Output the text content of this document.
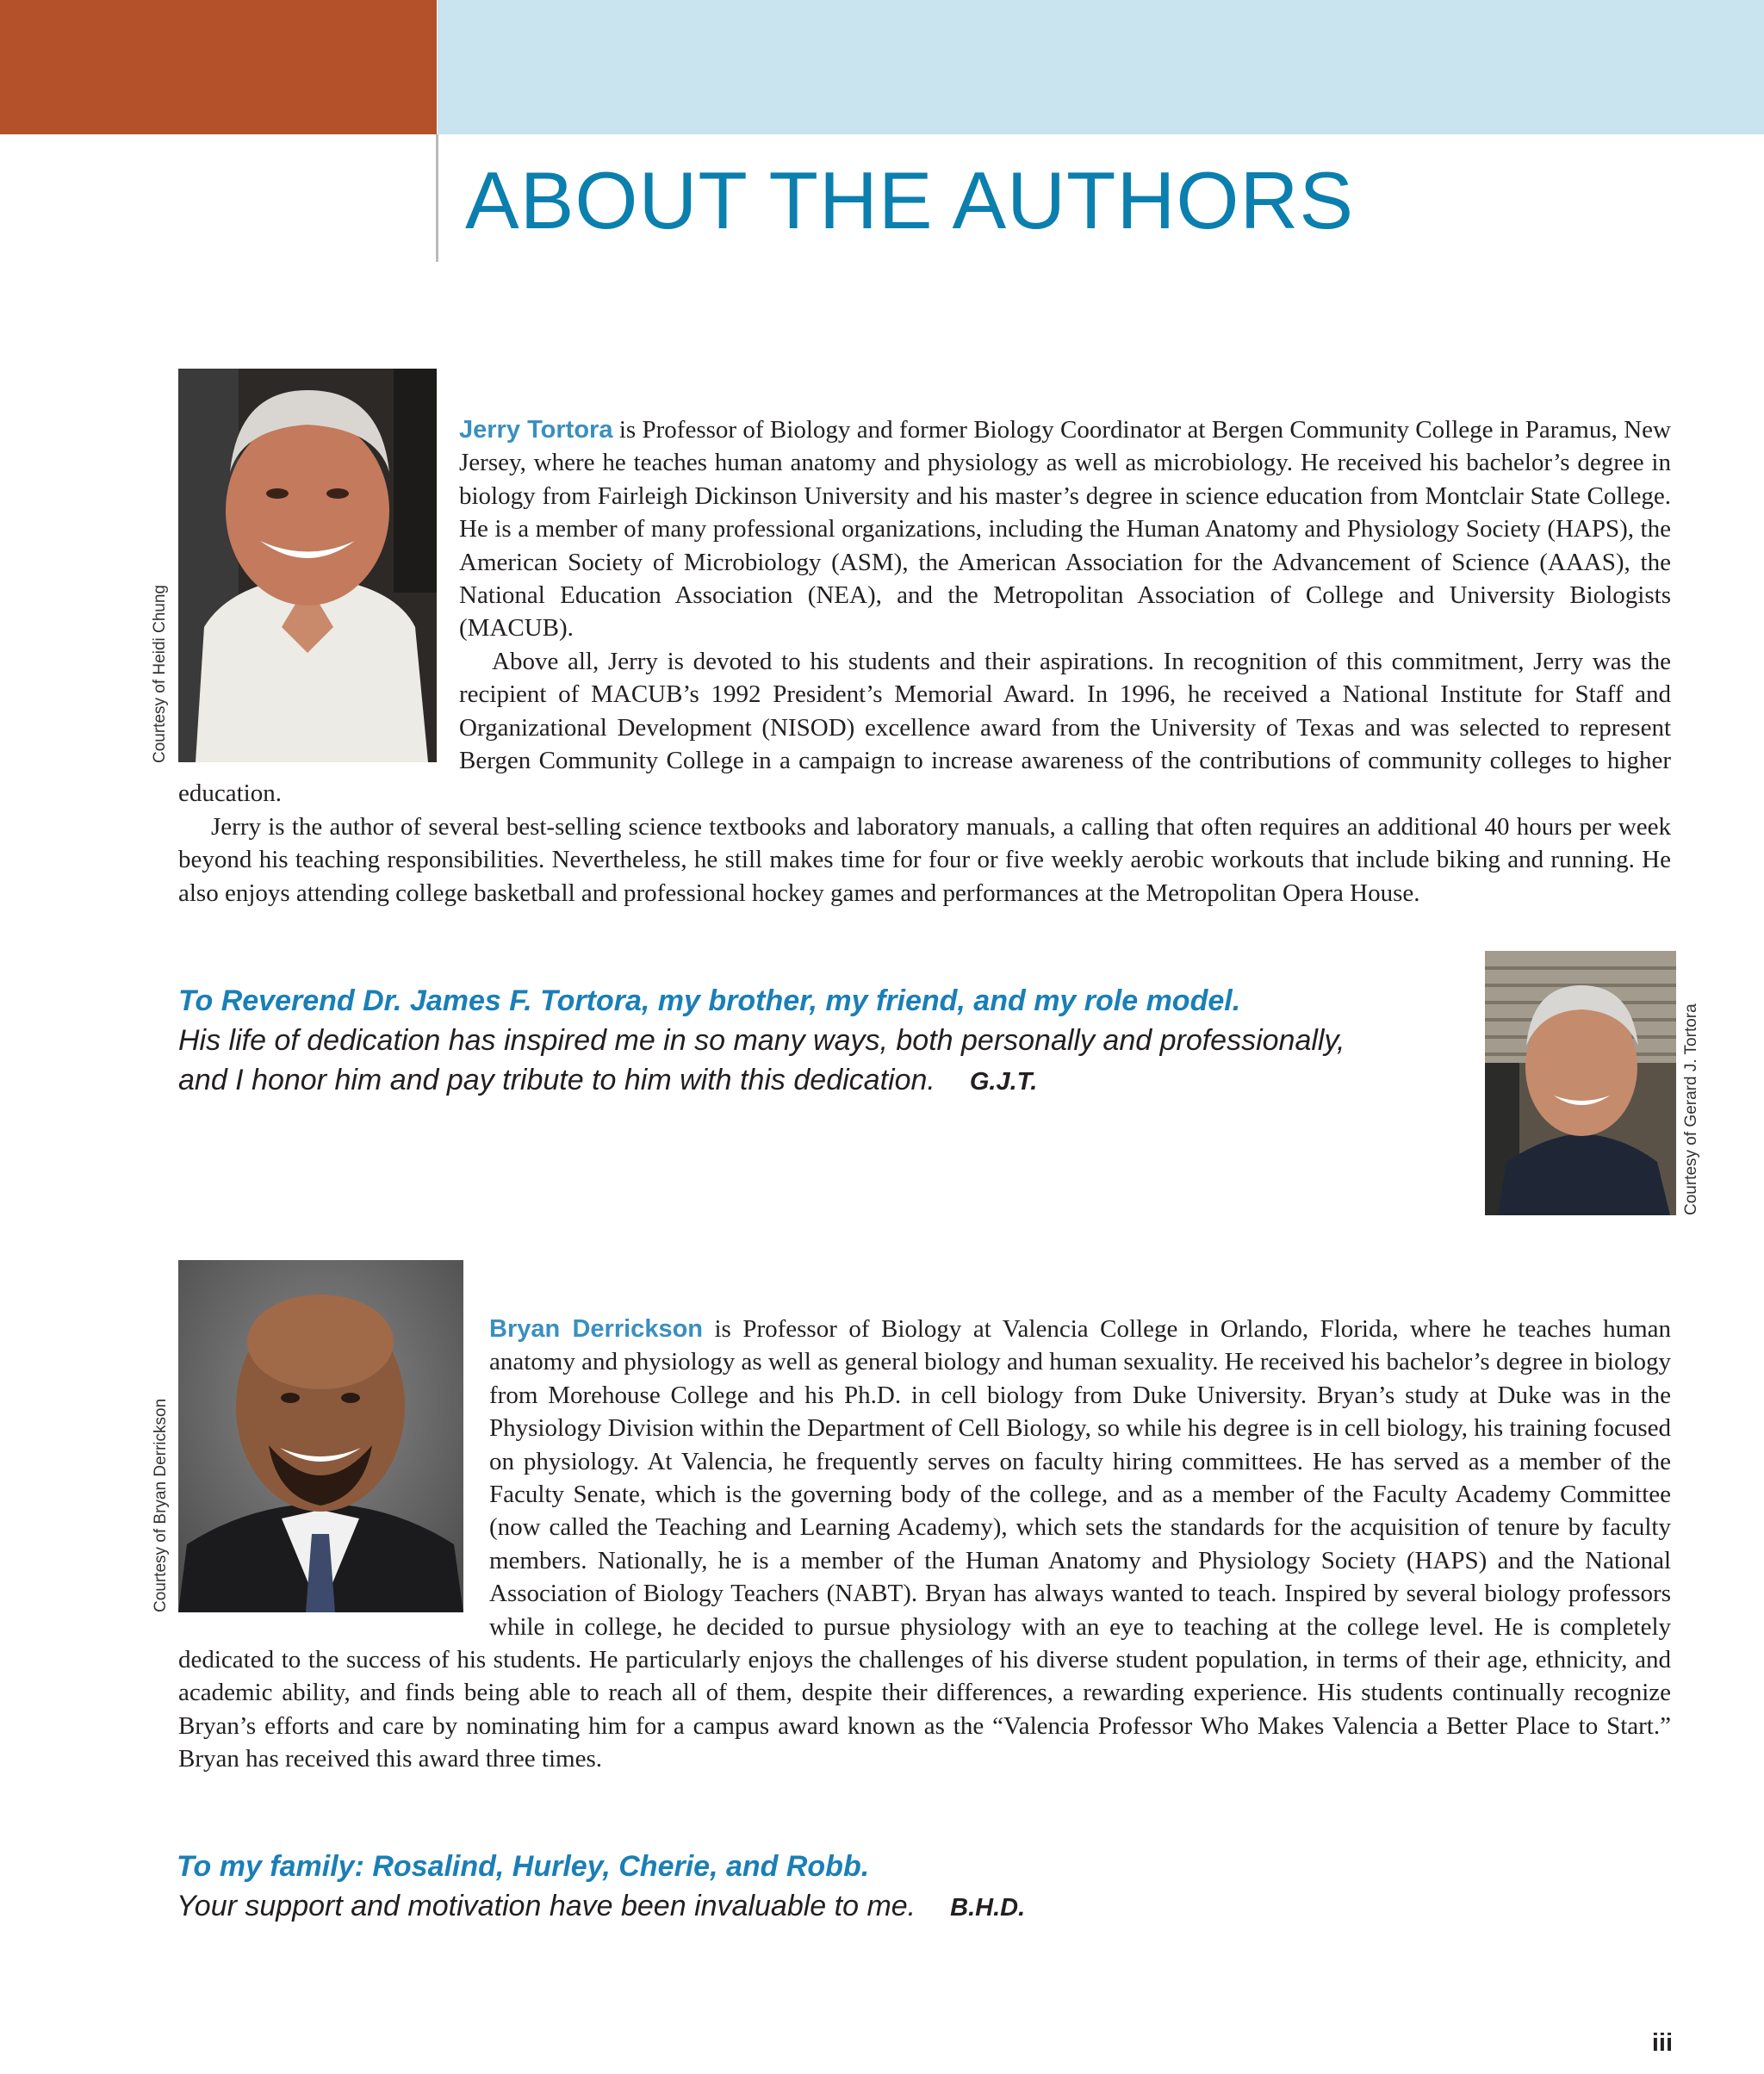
ABOUT THE AUTHORS
Courtesy of Heidi Chung

Jerry Tortora is Professor of Biology and former Biology Coordinator at Bergen Community College in Paramus, New Jersey, where he teaches human anatomy and physiology as well as microbiology. He received his bachelor’s degree in biology from Fairleigh Dickinson University and his master’s degree in science education from Montclair State College. He is a member of many professional organizations, including the Human Anatomy and Physiology Society (HAPS), the American Society of Microbiology (ASM), the American Association for the Advancement of Science (AAAS), the National Education Association (NEA), and the Metropolitan Association of College and University Biologists (MACUB).

Above all, Jerry is devoted to his students and their aspirations. In recognition of this commitment, Jerry was the recipient of MACUB’s 1992 President’s Memorial Award. In 1996, he received a National Institute for Staff and Organizational Development (NISOD) excellence award from the University of Texas and was selected to represent Bergen Community College in a campaign to increase awareness of the contributions of community colleges to higher education.

Jerry is the author of several best-selling science textbooks and laboratory manuals, a calling that often requires an additional 40 hours per week beyond his teaching responsibilities. Nevertheless, he still makes time for four or five weekly aerobic workouts that include biking and running. He also enjoys attending college basketball and professional hockey games and performances at the Metropolitan Opera House.

To Reverend Dr. James F. Tortora, my brother, my friend, and my role model.

His life of dedication has inspired me in so many ways, both personally and professionally,

and I honor him and pay tribute to him with this dedication. G.J.T.	Courtesy of Gerard J. Tortora
Courtesy of Bryan Derrickson

Bryan Derrickson is Professor of Biology at Valencia College in Orlando, Florida, where he teaches human anatomy and physiology as well as general biology and human sexuality. He received his bachelor’s degree in biology from Morehouse College and his Ph.D. in cell biology from Duke University. Bryan’s study at Duke was in the Physiology Division within the Department of Cell Biology, so while his degree is in cell biology, his training focused on physiology. At Valencia, he frequently serves on faculty hiring committees. He has served as a member of the Faculty Senate, which is the governing body of the college, and as a member of the Faculty Academy Committee (now called the Teaching and Learning Academy), which sets the standards for the acquisition of tenure by faculty members. Nationally, he is a member of the Human Anatomy and Physiology Society (HAPS) and the National Association of Biology Teachers (NABT). Bryan has always wanted to teach. Inspired by several biology professors while in college, he decided to pursue physiology with an eye to teaching at the college level. He is completely dedicated to the success of his students. He particularly enjoys the challenges of his diverse student population, in terms of their age, ethnicity, and academic ability, and finds being able to reach all of them, despite their differences, a rewarding experience. His students continually recognize Bryan’s efforts and care by nominating him for a campus award known as the “Valencia Professor Who Makes Valencia a Better Place to Start.” Bryan has received this award three times.

To my family: Rosalind, Hurley, Cherie, and Robb.

Your support and motivation have been invaluable to me. B.H.D.

iii
